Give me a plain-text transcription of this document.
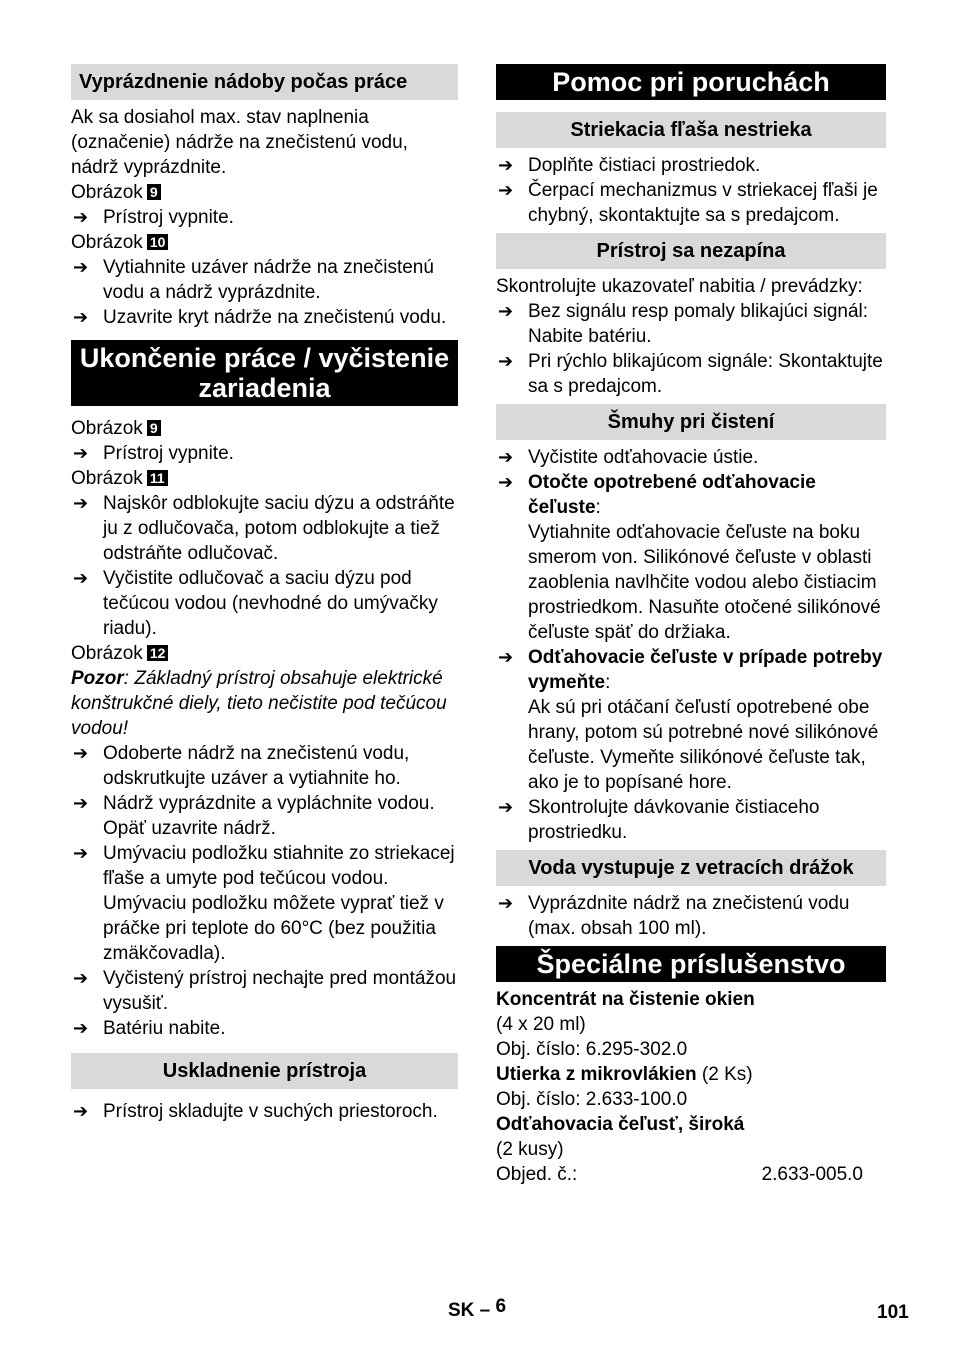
Vyprázdnenie nádoby počas práce

Ak sa dosiahol max. stav naplnenia (označenie) nádrže na znečistenú vodu, nádrž vyprázdnite.

Obrázok 9

➔ Prístroj vypnite.

Obrázok 10

➔ Vytiahnite uzáver nádrže na znečistenú vodu a nádrž vyprázdnite.
➔ Uzavrite kryt nádrže na znečistenú vodu.
Ukončenie práce / vyčistenie zariadenia

Obrázok 9

➔ Prístroj vypnite.

Obrázok 11

➔ Najskôr odblokujte saciu dýzu a odstráňte ju z odlučovača, potom odblokujte a tiež odstráňte odlučovač.
➔ Vyčistite odlučovač a saciu dýzu pod tečúcou vodou (nevhodné do umývačky riadu).

Obrázok 12

Pozor: Základný prístroj obsahuje elektrické konštrukčné diely, tieto nečistite pod tečúcou vodou!

➔ Odoberte nádrž na znečistenú vodu, odskrutkujte uzáver a vytiahnite ho.
➔ Nádrž vyprázdnite a vypláchnite vodou. Opäť uzavrite nádrž.
➔ Umývaciu podložku stiahnite zo striekacej fľaše a umyte pod tečúcou vodou. Umývaciu podložku môžete vyprať tiež v práčke pri teplote do 60°C (bez použitia zmäkčovadla).
➔ Vyčistený prístroj nechajte pred montážou vysušiť.
➔ Batériu nabite.
Uskladnenie prístroja
➔ Prístroj skladujte v suchých priestoroch.
Pomoc pri poruchách
Striekacia fľaša nestrieka
➔ Doplňte čistiaci prostriedok.
➔ Čerpací mechanizmus v striekacej fľaši je chybný, skontaktujte sa s predajcom.
Prístroj sa nezapína

Skontrolujte ukazovateľ nabitia / prevádzky:

➔ Bez signálu resp pomaly blikajúci signál: Nabite batériu.
➔ Pri rýchlo blikajúcom signále: Skontaktujte sa s predajcom.
Šmuhy pri čistení
➔ Vyčistite odťahovacie ústie.
➔ Otočte opotrebené odťahovacie čeľuste:
Vytiahnite odťahovacie čeľuste na boku smerom von. Silikónové čeľuste v oblasti zaoblenia navlhčite vodou alebo čistiacim prostriedkom. Nasuňte otočené silikónové čeľuste späť do držiaka.
➔ Odťahovacie čeľuste v prípade potreby vymeňte:
Ak sú pri otáčaní čeľustí opotrebené obe hrany, potom sú potrebné nové silikónové čeľuste. Vymeňte silikónové čeľuste tak, ako je to popísané hore.
➔ Skontrolujte dávkovanie čistiaceho prostriedku.
Voda vystupuje z vetracích drážok
➔ Vyprázdnite nádrž na znečistenú vodu (max. obsah 100 ml).
Špeciálne príslušenstvo

Koncentrát na čistenie okien

(4 x 20 ml)

Obj. číslo: 6.295-302.0

Utierka z mikrovlákien (2 Ks)

Obj. číslo: 2.633-100.0

Odťahovacia čeľusť, široká

(2 kusy)

Objed. č.:	2.633-005.0
SK – 6	101
